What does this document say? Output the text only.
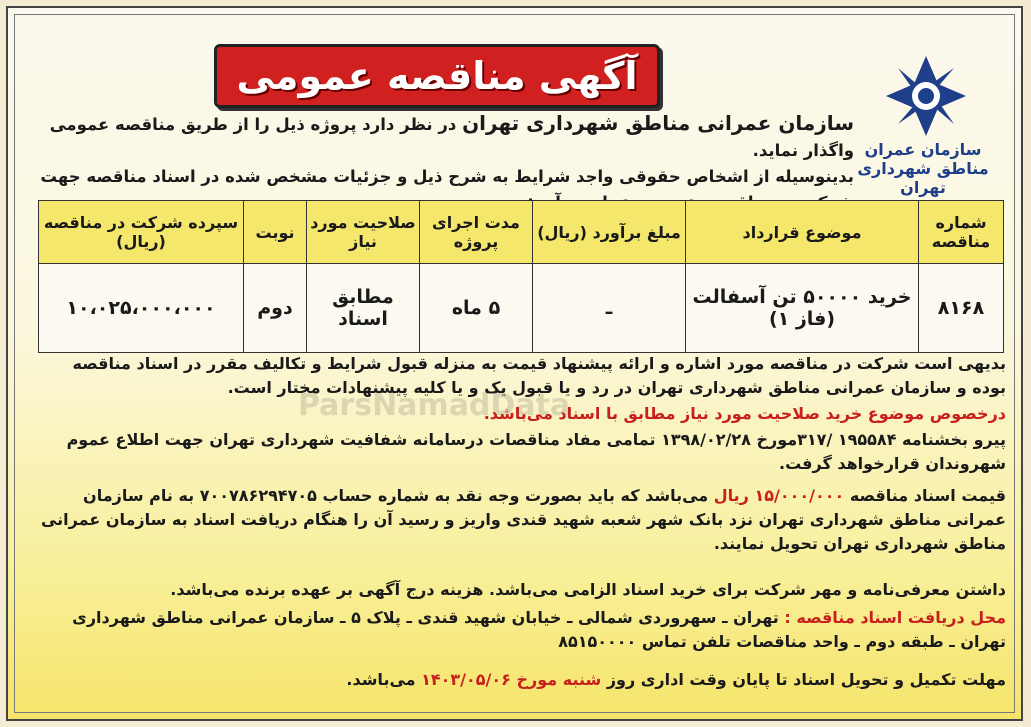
آگهی مناقصه عمومی
سازمان عمران مناطق شهرداری تهران
سازمان عمرانی مناطق شهرداری تهران در نظر دارد پروژه ذیل را از طریق مناقصه عمومی واگذار نماید.
بدینوسیله از اشخاص حقوقی واجد شرایط به شرح ذیل و جزئیات مشخص شده در اسناد مناقصه جهت
شماره مناقصه	موضوع قرارداد	مبلغ برآورد (ریال)	مدت اجرای پروژه	صلاحیت مورد نیاز	نوبت	سپرده شرکت در مناقصه (ریال)
۸۱۶۸	خرید ۵۰۰۰۰ تن آسفالت (فاز ۱)	ـ	۵ ماه	مطابق اسناد	دوم	۱۰،۰۲۵،۰۰۰،۰۰۰
ParsNamadData
بدیهی است شرکت در مناقصه مورد اشاره و ارائه پیشنهاد قیمت به منزله قبول شرایط و تکالیف مقرر در اسناد مناقصه بوده و سازمان عمرانی مناطق شهرداری تهران در رد و یا قبول یک و یا کلیه پیشنهادات مختار است.
درخصوص موضوع خرید صلاحیت مورد نیاز مطابق با اسناد می‌باشد.
پیرو بخشنامه ۱۹۵۵۸۴ /۳۱۷مورخ ۱۳۹۸/۰۲/۲۸ تمامی مفاد مناقصات درسامانه شفافیت شهرداری تهران جهت اطلاع عموم شهروندان قرارخواهد گرفت.
قیمت اسناد مناقصه ۱۵/۰۰۰/۰۰۰ ریال می‌باشد که باید بصورت وجه نقد به شماره حساب ۷۰۰۷۸۶۲۹۴۷۰۵ به نام سازمان عمرانی مناطق شهرداری تهران نزد بانک شهر شعبه شهید قندی واریز و رسید آن را هنگام دریافت اسناد به سازمان عمرانی مناطق شهرداری تهران تحویل نمایند.
داشتن معرفی‌نامه و مهر شرکت برای خرید اسناد الزامی می‌باشد. هزینه درج آگهی بر عهده برنده می‌باشد.
محل دریافت اسناد مناقصه : تهران ـ سهروردی شمالی ـ خیابان شهید قندی ـ پلاک ۵ ـ سازمان عمرانی مناطق شهرداری تهران ـ طبقه دوم ـ واحد مناقصات تلفن تماس ۸۵۱۵۰۰۰۰
مهلت تکمیل و تحویل اسناد تا پایان وقت اداری روز شنبه مورخ ۱۴۰۳/۰۵/۰۶ می‌باشد.
